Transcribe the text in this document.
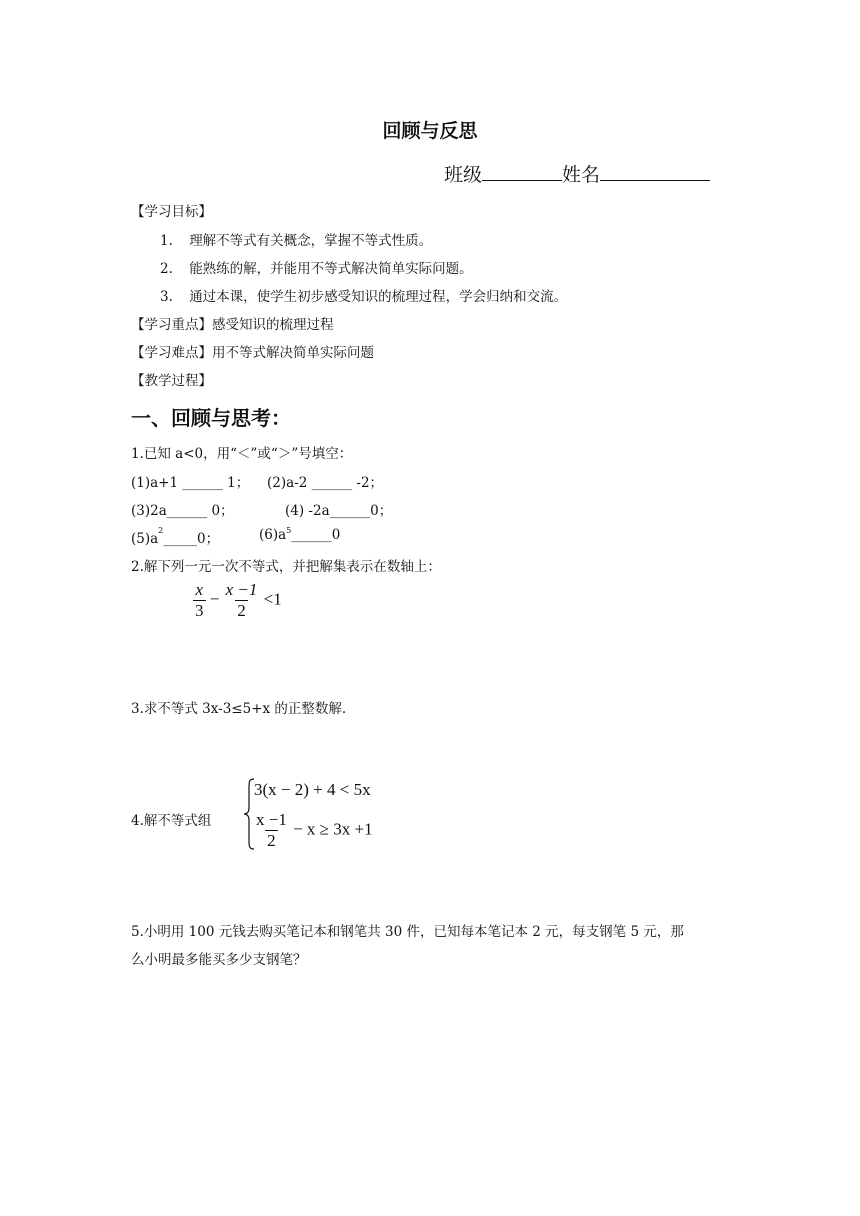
回顾与反思
班级	姓名
【学习目标】
1. 理解不等式有关概念，掌握不等式性质。
2. 能熟练的解，并能用不等式解决简单实际问题。
3. 通过本课，使学生初步感受知识的梳理过程，学会归纳和交流。
【学习重点】感受知识的梳理过程
【学习难点】用不等式解决简单实际问题
【教学过程】
一、回顾与思考：
1.已知 a<0，用“＜”或“＞”号填空：
(1)a+1 ______ 1； (2)a-2 ______ -2；
(3)2a______ 0；	(4) -2a______0；
$(5)a^2\_\_\_\_\_0$；	$(6)a^5\_\_\_\_\_\_0$
2.解下列一元一次不等式，并把解集表示在数轴上：
$\frac{x}{3} - \frac{x -1}{2} <1$
3.求不等式 3x-3≤5+x 的正整数解.
4.解不等式组
3(x − 2) + 4 < 5x
$\frac{x -1}{2} - x \ge 3x +1$
5.小明用 100 元钱去购买笔记本和钢笔共 30 件，已知每本笔记本 2 元，每支钢笔 5 元，那
么小明最多能买多少支钢笔？
